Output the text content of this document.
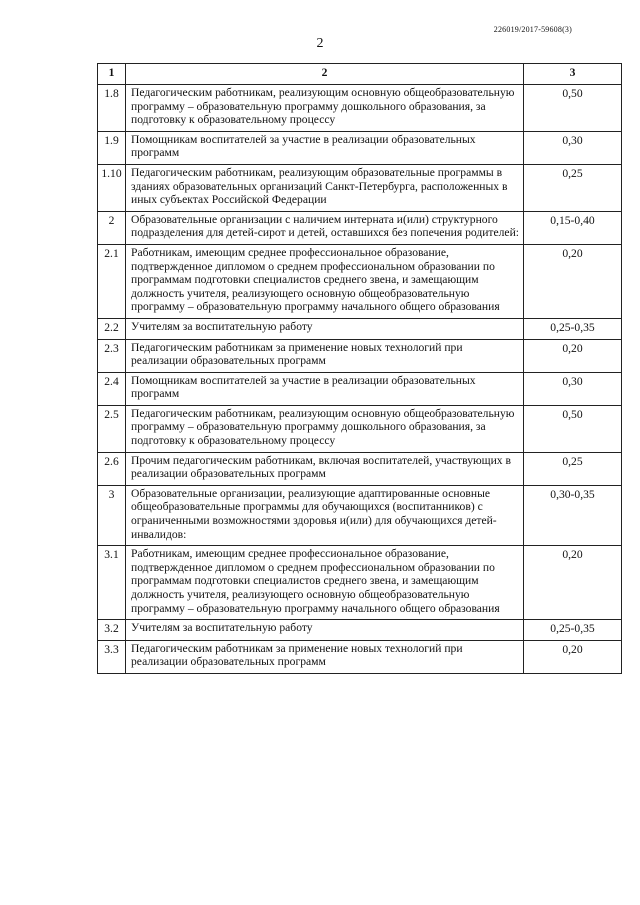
226019/2017-59608(3)
2
1	2	3
1.8	Педагогическим работникам, реализующим основную общеобразовательную программу – образовательную программу дошкольного образования, за подготовку к образовательному процессу	0,50
1.9	Помощникам воспитателей за участие в реализации образовательных программ	0,30
1.10	Педагогическим работникам, реализующим образовательные программы в зданиях образовательных организаций Санкт-Петербурга, расположенных в иных субъектах Российской Федерации	0,25
2	Образовательные организации с наличием интерната и(или) структурного подразделения для детей-сирот и детей, оставшихся без попечения родителей:	0,15-0,40
2.1	Работникам, имеющим среднее профессиональное образование, подтвержденное дипломом о среднем профессиональном образовании по программам подготовки специалистов среднего звена, и замещающим должность учителя, реализующего основную общеобразовательную программу – образовательную программу начального общего образования	0,20
2.2	Учителям за воспитательную работу	0,25-0,35
2.3	Педагогическим работникам за применение новых технологий при реализации образовательных программ	0,20
2.4	Помощникам воспитателей за участие в реализации образовательных программ	0,30
2.5	Педагогическим работникам, реализующим основную общеобразовательную программу – образовательную программу дошкольного образования, за подготовку к образовательному процессу	0,50
2.6	Прочим педагогическим работникам, включая воспитателей, участвующих в реализации образовательных программ	0,25
3	Образовательные организации, реализующие адаптированные основные общеобразовательные программы для обучающихся (воспитанников) с ограниченными возможностями здоровья и(или) для обучающихся детей-инвалидов:	0,30-0,35
3.1	Работникам, имеющим среднее профессиональное образование, подтвержденное дипломом о среднем профессиональном образовании по программам подготовки специалистов среднего звена, и замещающим должность учителя, реализующего основную общеобразовательную программу – образовательную программу начального общего образования	0,20
3.2	Учителям за воспитательную работу	0,25-0,35
3.3	Педагогическим работникам за применение новых технологий при реализации образовательных программ	0,20
